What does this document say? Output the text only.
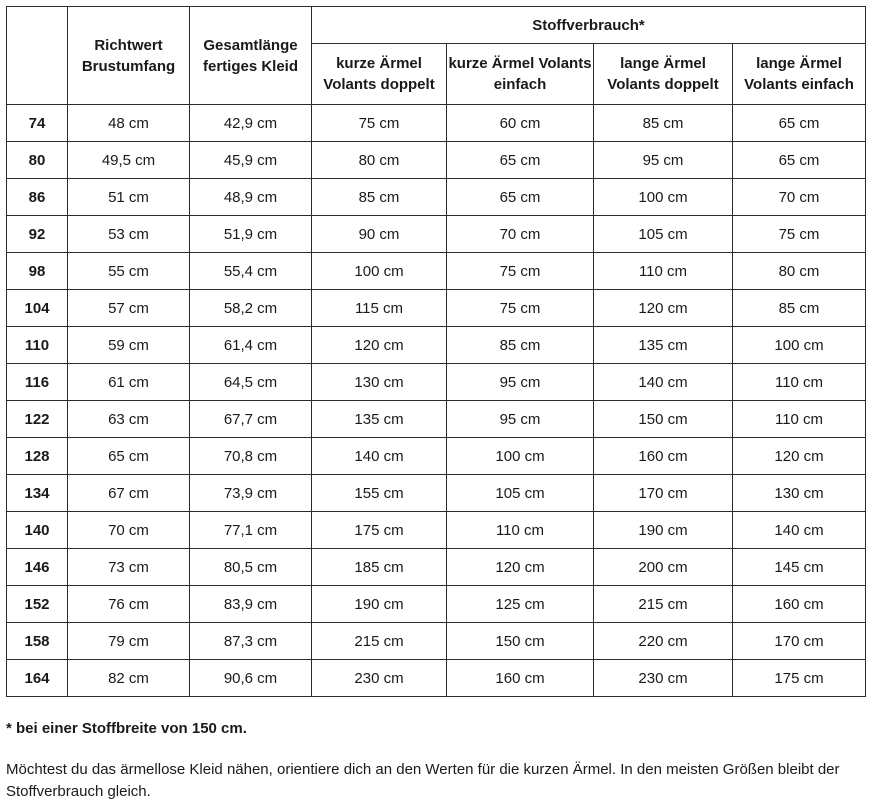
	Richtwert Brustumfang	Gesamtlänge fertiges Kleid	Stoffverbrauch*			
			kurze Ärmel Volants doppelt	kurze Ärmel Volants einfach	lange Ärmel Volants doppelt	lange Ärmel Volants einfach
74	48 cm	42,9 cm	75 cm	60 cm	85 cm	65 cm
80	49,5 cm	45,9 cm	80 cm	65 cm	95 cm	65 cm
86	51 cm	48,9 cm	85 cm	65 cm	100 cm	70 cm
92	53 cm	51,9 cm	90 cm	70 cm	105 cm	75 cm
98	55 cm	55,4 cm	100 cm	75 cm	110 cm	80 cm
104	57 cm	58,2 cm	115 cm	75 cm	120 cm	85 cm
110	59 cm	61,4 cm	120 cm	85 cm	135 cm	100 cm
116	61 cm	64,5 cm	130 cm	95 cm	140 cm	110 cm
122	63 cm	67,7 cm	135 cm	95 cm	150 cm	110 cm
128	65 cm	70,8 cm	140 cm	100 cm	160 cm	120 cm
134	67 cm	73,9 cm	155 cm	105 cm	170 cm	130 cm
140	70 cm	77,1 cm	175 cm	110 cm	190 cm	140 cm
146	73 cm	80,5 cm	185 cm	120 cm	200 cm	145 cm
152	76 cm	83,9 cm	190 cm	125 cm	215 cm	160 cm
158	79 cm	87,3 cm	215 cm	150 cm	220 cm	170 cm
164	82 cm	90,6 cm	230 cm	160 cm	230 cm	175 cm
* bei einer Stoffbreite von 150 cm.
Möchtest du das ärmellose Kleid nähen, orientiere dich an den Werten für die kurzen Ärmel. In den meisten Größen bleibt der Stoffverbrauch gleich.
